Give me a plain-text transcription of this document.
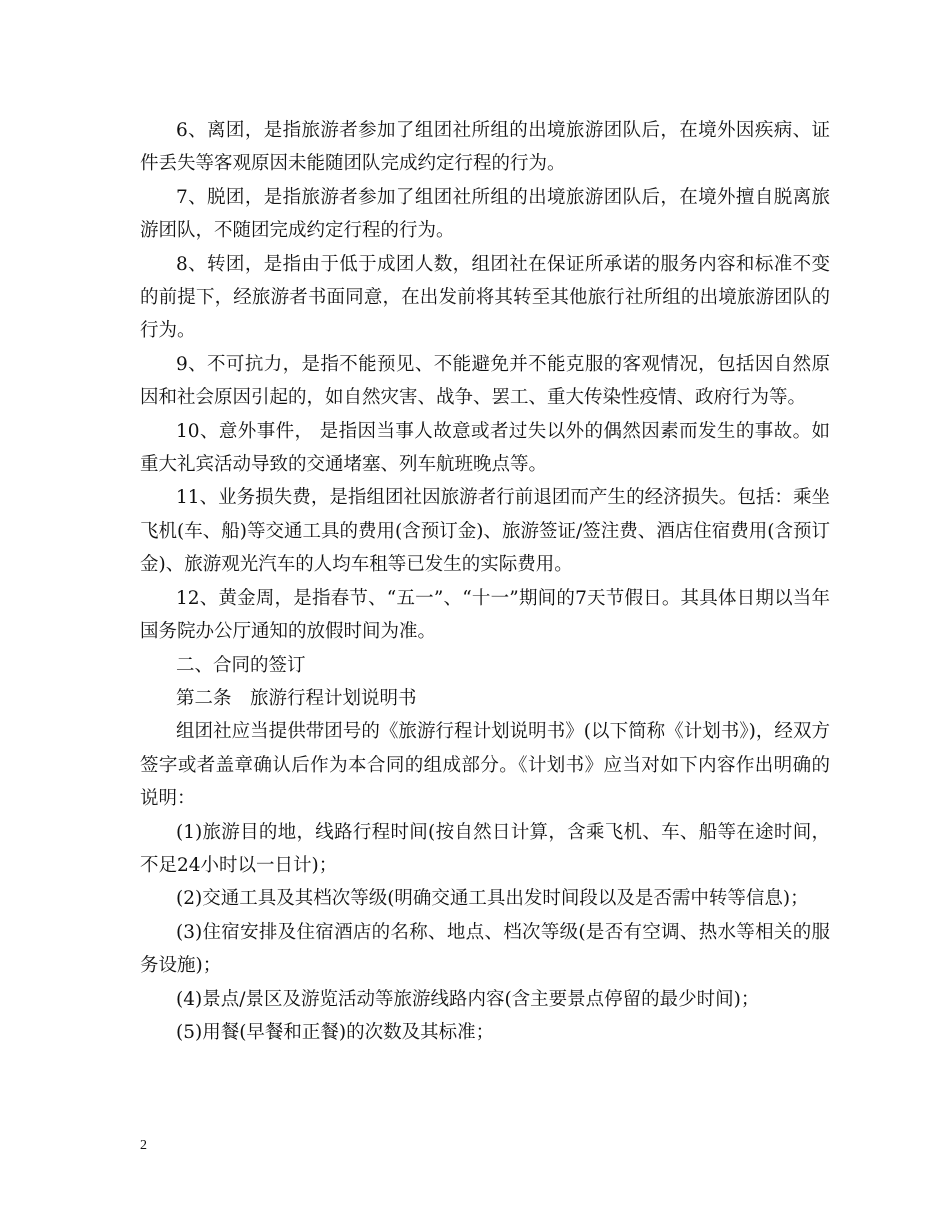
6、离团，是指旅游者参加了组团社所组的出境旅游团队后，在境外因疾病、证件丢失等客观原因未能随团队完成约定行程的行为。

7、脱团，是指旅游者参加了组团社所组的出境旅游团队后，在境外擅自脱离旅游团队，不随团完成约定行程的行为。

8、转团，是指由于低于成团人数，组团社在保证所承诺的服务内容和标准不变的前提下，经旅游者书面同意，在出发前将其转至其他旅行社所组的出境旅游团队的行为。

9、不可抗力，是指不能预见、不能避免并不能克服的客观情况，包括因自然原因和社会原因引起的，如自然灾害、战争、罢工、重大传染性疫情、政府行为等。

10、意外事件， 是指因当事人故意或者过失以外的偶然因素而发生的事故。如重大礼宾活动导致的交通堵塞、列车航班晚点等。

11、业务损失费，是指组团社因旅游者行前退团而产生的经济损失。包括：乘坐飞机(车、船)等交通工具的费用(含预订金)、旅游签证/签注费、酒店住宿费用(含预订金)、旅游观光汽车的人均车租等已发生的实际费用。

12、黄金周，是指春节、“五一”、“十一”期间的7天节假日。其具体日期以当年国务院办公厅通知的放假时间为准。

二、合同的签订

第二条　旅游行程计划说明书

组团社应当提供带团号的《旅游行程计划说明书》(以下简称《计划书》)，经双方签字或者盖章确认后作为本合同的组成部分。《计划书》应当对如下内容作出明确的说明：

(1)旅游目的地，线路行程时间(按自然日计算，含乘飞机、车、船等在途时间，不足24小时以一日计)；

(2)交通工具及其档次等级(明确交通工具出发时间段以及是否需中转等信息)；

(3)住宿安排及住宿酒店的名称、地点、档次等级(是否有空调、热水等相关的服务设施)；

(4)景点/景区及游览活动等旅游线路内容(含主要景点停留的最少时间)；

(5)用餐(早餐和正餐)的次数及其标准；

2
